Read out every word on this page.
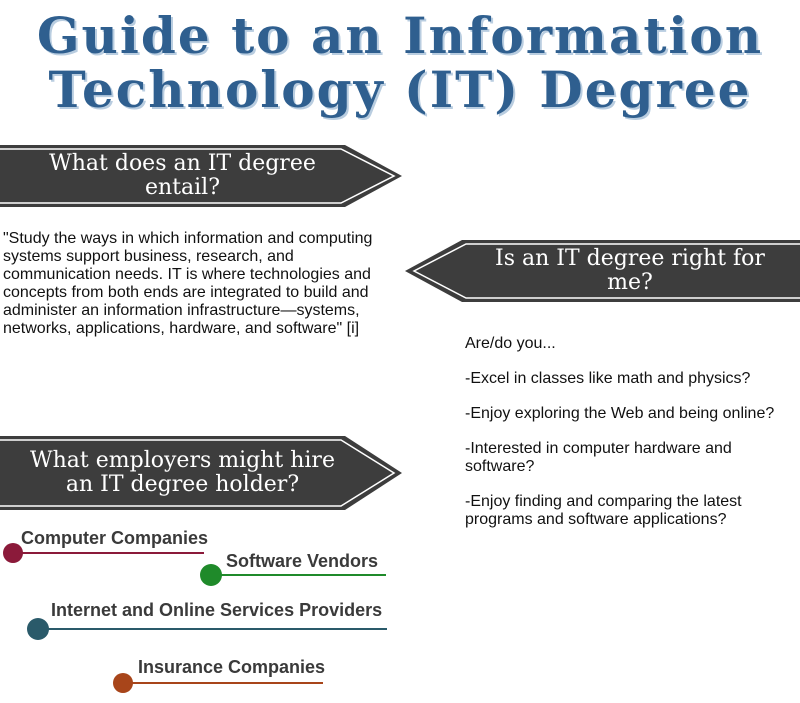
Guide to an Information
Technology (IT) Degree
What does an IT degree entail?
"Study the ways in which information and computing systems support business, research, and communication needs. IT is where technologies and concepts from both ends are integrated to build and administer an information infrastructure—systems, networks, applications, hardware, and software" [i]
Is an IT degree right for me?

Are/do you...

-Excel in classes like math and physics?

-Enjoy exploring the Web and being online?

-Interested in computer hardware and software?

-Enjoy finding and comparing the latest programs and software applications?

What employers might hire an IT degree holder?
Computer Companies
Software Vendors
Internet and Online Services Providers
Insurance Companies
